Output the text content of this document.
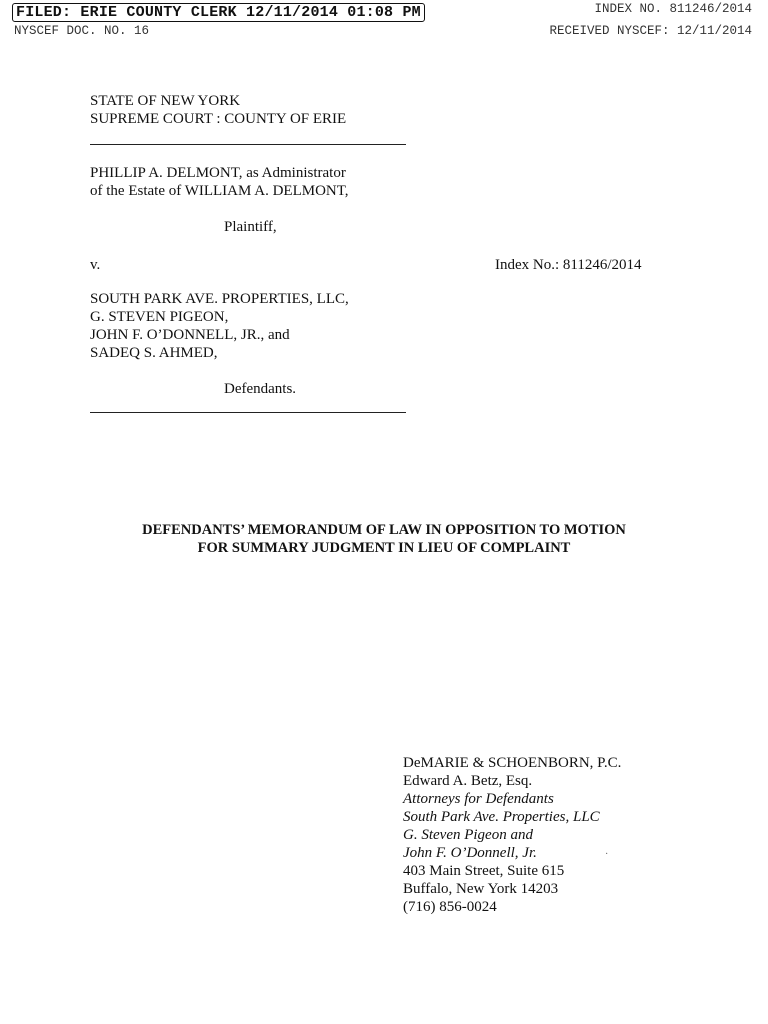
FILED: ERIE COUNTY CLERK 12/11/2014 01:08 PM
NYSCEF DOC. NO. 16
INDEX NO. 811246/2014
RECEIVED NYSCEF: 12/11/2014
STATE OF NEW YORK
SUPREME COURT : COUNTY OF ERIE
PHILLIP A. DELMONT, as Administrator
of the Estate of WILLIAM A. DELMONT,
Plaintiff,
v.	Index No.: 811246/2014
SOUTH PARK AVE. PROPERTIES, LLC,
G. STEVEN PIGEON,
JOHN F. O’DONNELL, JR., and
SADEQ S. AHMED,
Defendants.
DEFENDANTS’ MEMORANDUM OF LAW IN OPPOSITION TO MOTION
FOR SUMMARY JUDGMENT IN LIEU OF COMPLAINT
DeMARIE & SCHOENBORN, P.C.
Edward A. Betz, Esq.
Attorneys for Defendants
South Park Ave. Properties, LLC
G. Steven Pigeon and
John F. O’Donnell, Jr.	·
403 Main Street, Suite 615
Buffalo, New York 14203
(716) 856-0024
